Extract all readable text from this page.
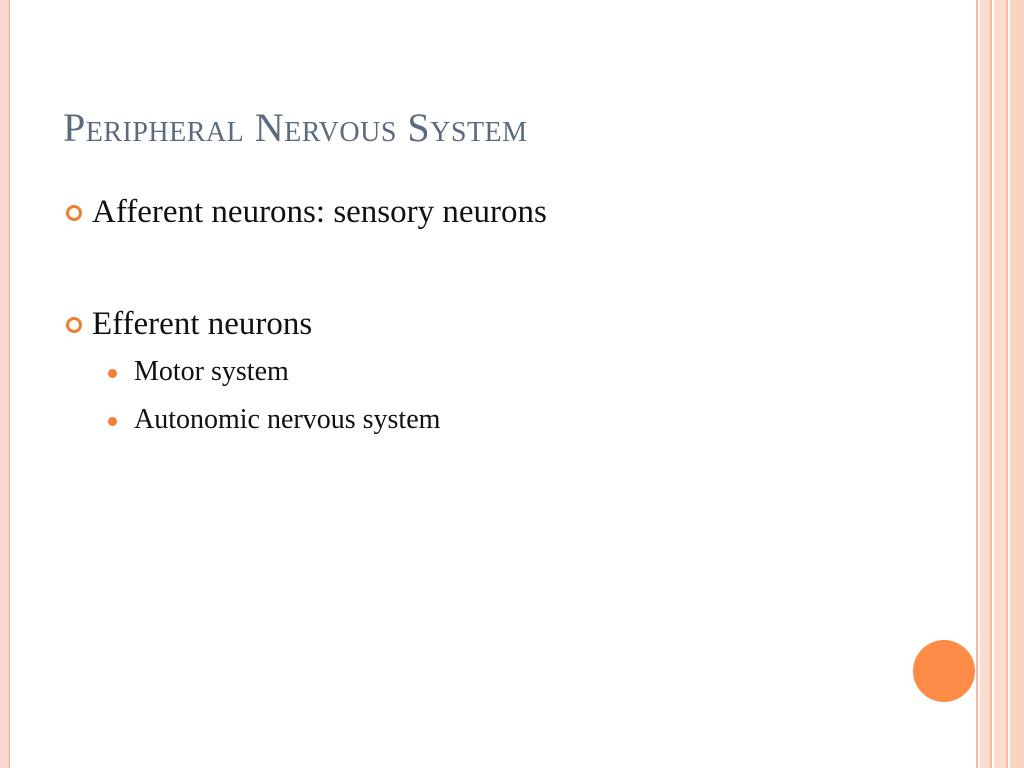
Peripheral Nervous System
Afferent neurons: sensory neurons
Efferent neurons
Motor system
Autonomic nervous system
